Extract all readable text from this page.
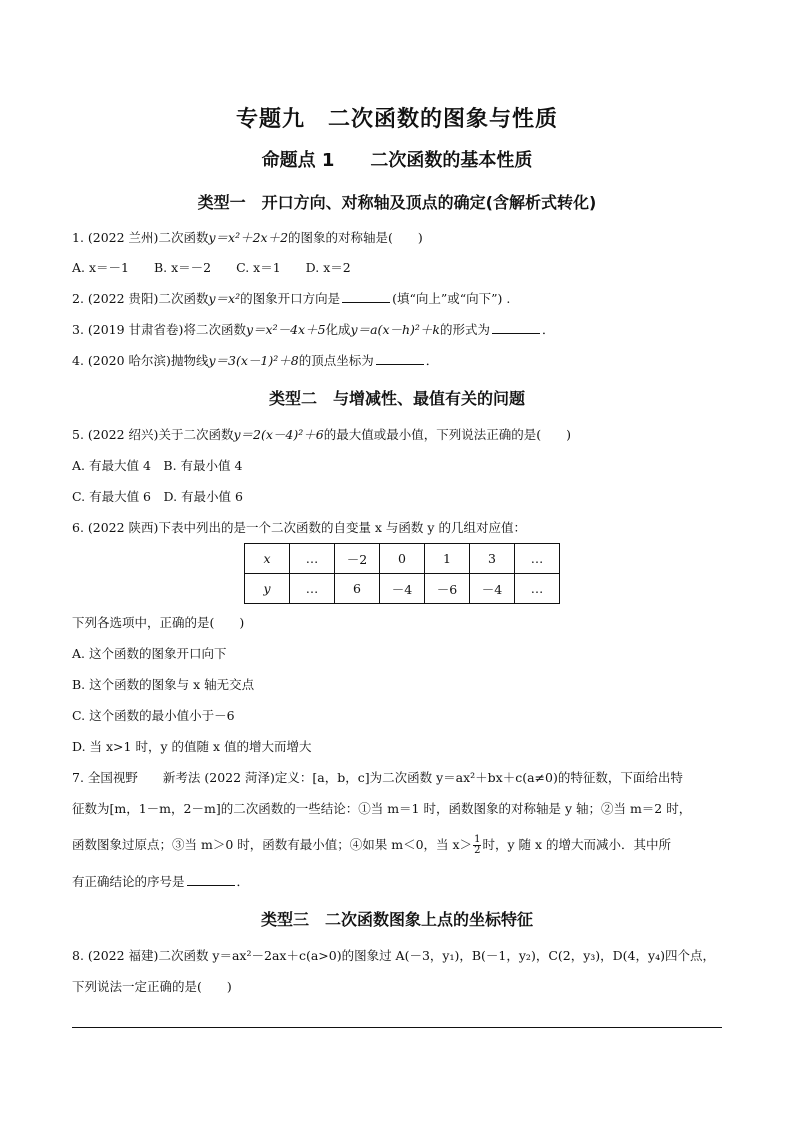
专题九　二次函数的图象与性质
命题点 1　　二次函数的基本性质
类型一　开口方向、对称轴及顶点的确定(含解析式转化)
1. (2022 兰州)二次函数y＝x²＋2x＋2的图象的对称轴是(　　)
A. x＝－1　　B. x＝－2　　C. x＝1　　D. x＝2
2. (2022 贵阳)二次函数y＝x²的图象开口方向是	(填“向上”或“向下”) .
3. (2019 甘肃省卷)将二次函数y＝x²－4x＋5化成y＝a(x－h)²＋k的形式为	．
4. (2020 哈尔滨)抛物线y＝3(x－1)²＋8的顶点坐标为	．
类型二　与增减性、最值有关的问题
5. (2022 绍兴)关于二次函数y＝2(x－4)²＋6的最大值或最小值，下列说法正确的是(　　)
A. 有最大值 4　B. 有最小值 4
C. 有最大值 6　D. 有最小值 6
6. (2022 陕西)下表中列出的是一个二次函数的自变量 x 与函数 y 的几组对应值：
x	…	－2	0	1	3	…
y	…	6	－4	－6	－4	…
下列各选项中，正确的是(　　)
A. 这个函数的图象开口向下
B. 这个函数的图象与 x 轴无交点
C. 这个函数的最小值小于－6
D. 当 x>1 时，y 的值随 x 值的增大而增大
7. 全国视野　　新考法 (2022 菏泽)定义：[a，b，c]为二次函数 y＝ax²＋bx＋c(a≠0)的特征数，下面给出特
征数为[m，1－m，2－m]的二次函数的一些结论：①当 m＝1 时，函数图象的对称轴是 y 轴；②当 m＝2 时，
函数图象过原点；③当 m＞0 时，函数有最小值；④如果 m＜0，当 $x> \frac{1}{2}$ 时，y 随 x 的增大而减小．其中所
有正确结论的序号是	．
类型三　二次函数图象上点的坐标特征
8. (2022 福建)二次函数 y＝ax²－2ax＋c(a>0)的图象过 A(－3，y₁)，B(－1，y₂)，C(2，y₃)，D(4，y₄)四个点，
下列说法一定正确的是(　　)
